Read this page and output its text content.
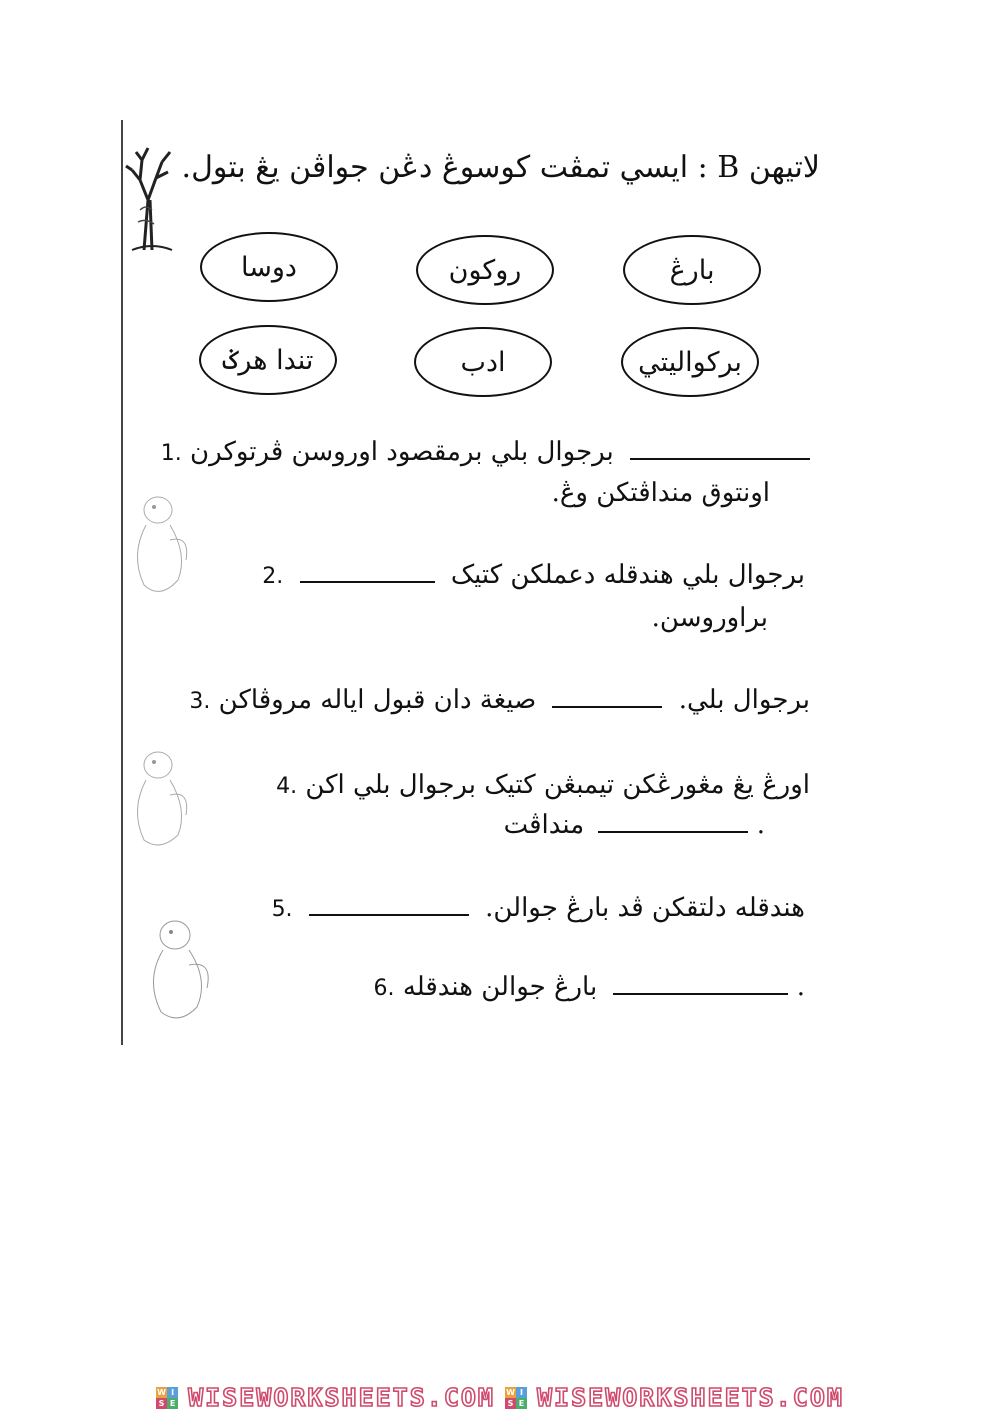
لاتيهن B : ايسي تمڤت كوسوڠ دڠن جواڤن يڠ بتول.
بارڠ
روكون
دوسا
بركواليتي
ادب
تندا هرݢ
1. برجوال بلي برمقصود اوروسن ڤرتوكرن
اونتوق منداڤتكن وڠ.
2.	برجوال بلي هندقله دعملكن كتيک
براوروسن.
3. صيغة دان قبول اياله مروڤاكن	برجوال بلي.
4. اورڠ يڠ مڠورڠكن تيمبڠن كتيک برجوال بلي اكن
منداڤت	.
5.	هندقله دلتقكن ڤد بارڠ جوالن.
6. بارڠ جوالن هندقله	.
W I
S E WISEWORKSHEETS.COM W I
S E WISEWORKSHEETS.COM
